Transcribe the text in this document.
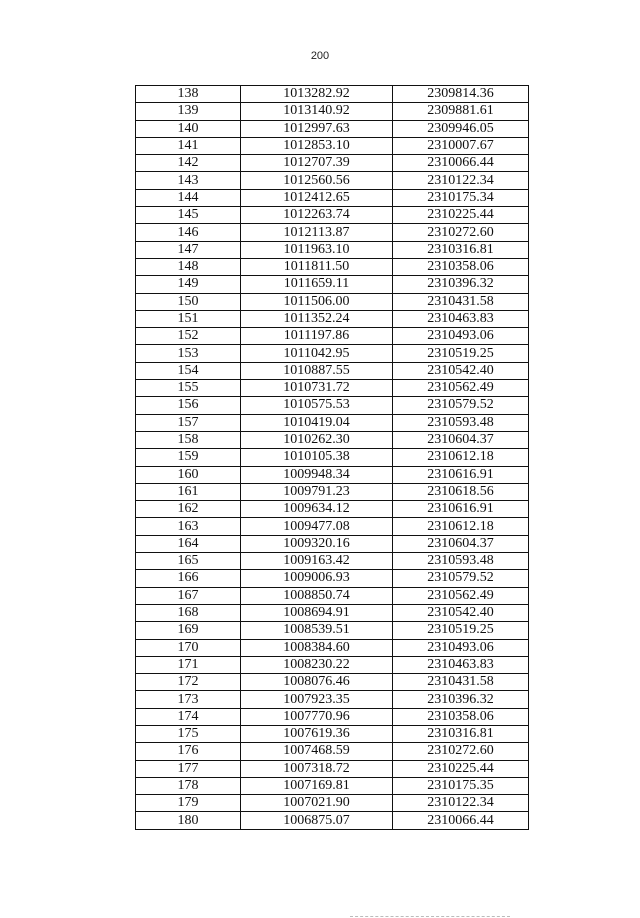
200
138	1013282.92	2309814.36
139	1013140.92	2309881.61
140	1012997.63	2309946.05
141	1012853.10	2310007.67
142	1012707.39	2310066.44
143	1012560.56	2310122.34
144	1012412.65	2310175.34
145	1012263.74	2310225.44
146	1012113.87	2310272.60
147	1011963.10	2310316.81
148	1011811.50	2310358.06
149	1011659.11	2310396.32
150	1011506.00	2310431.58
151	1011352.24	2310463.83
152	1011197.86	2310493.06
153	1011042.95	2310519.25
154	1010887.55	2310542.40
155	1010731.72	2310562.49
156	1010575.53	2310579.52
157	1010419.04	2310593.48
158	1010262.30	2310604.37
159	1010105.38	2310612.18
160	1009948.34	2310616.91
161	1009791.23	2310618.56
162	1009634.12	2310616.91
163	1009477.08	2310612.18
164	1009320.16	2310604.37
165	1009163.42	2310593.48
166	1009006.93	2310579.52
167	1008850.74	2310562.49
168	1008694.91	2310542.40
169	1008539.51	2310519.25
170	1008384.60	2310493.06
171	1008230.22	2310463.83
172	1008076.46	2310431.58
173	1007923.35	2310396.32
174	1007770.96	2310358.06
175	1007619.36	2310316.81
176	1007468.59	2310272.60
177	1007318.72	2310225.44
178	1007169.81	2310175.35
179	1007021.90	2310122.34
180	1006875.07	2310066.44
